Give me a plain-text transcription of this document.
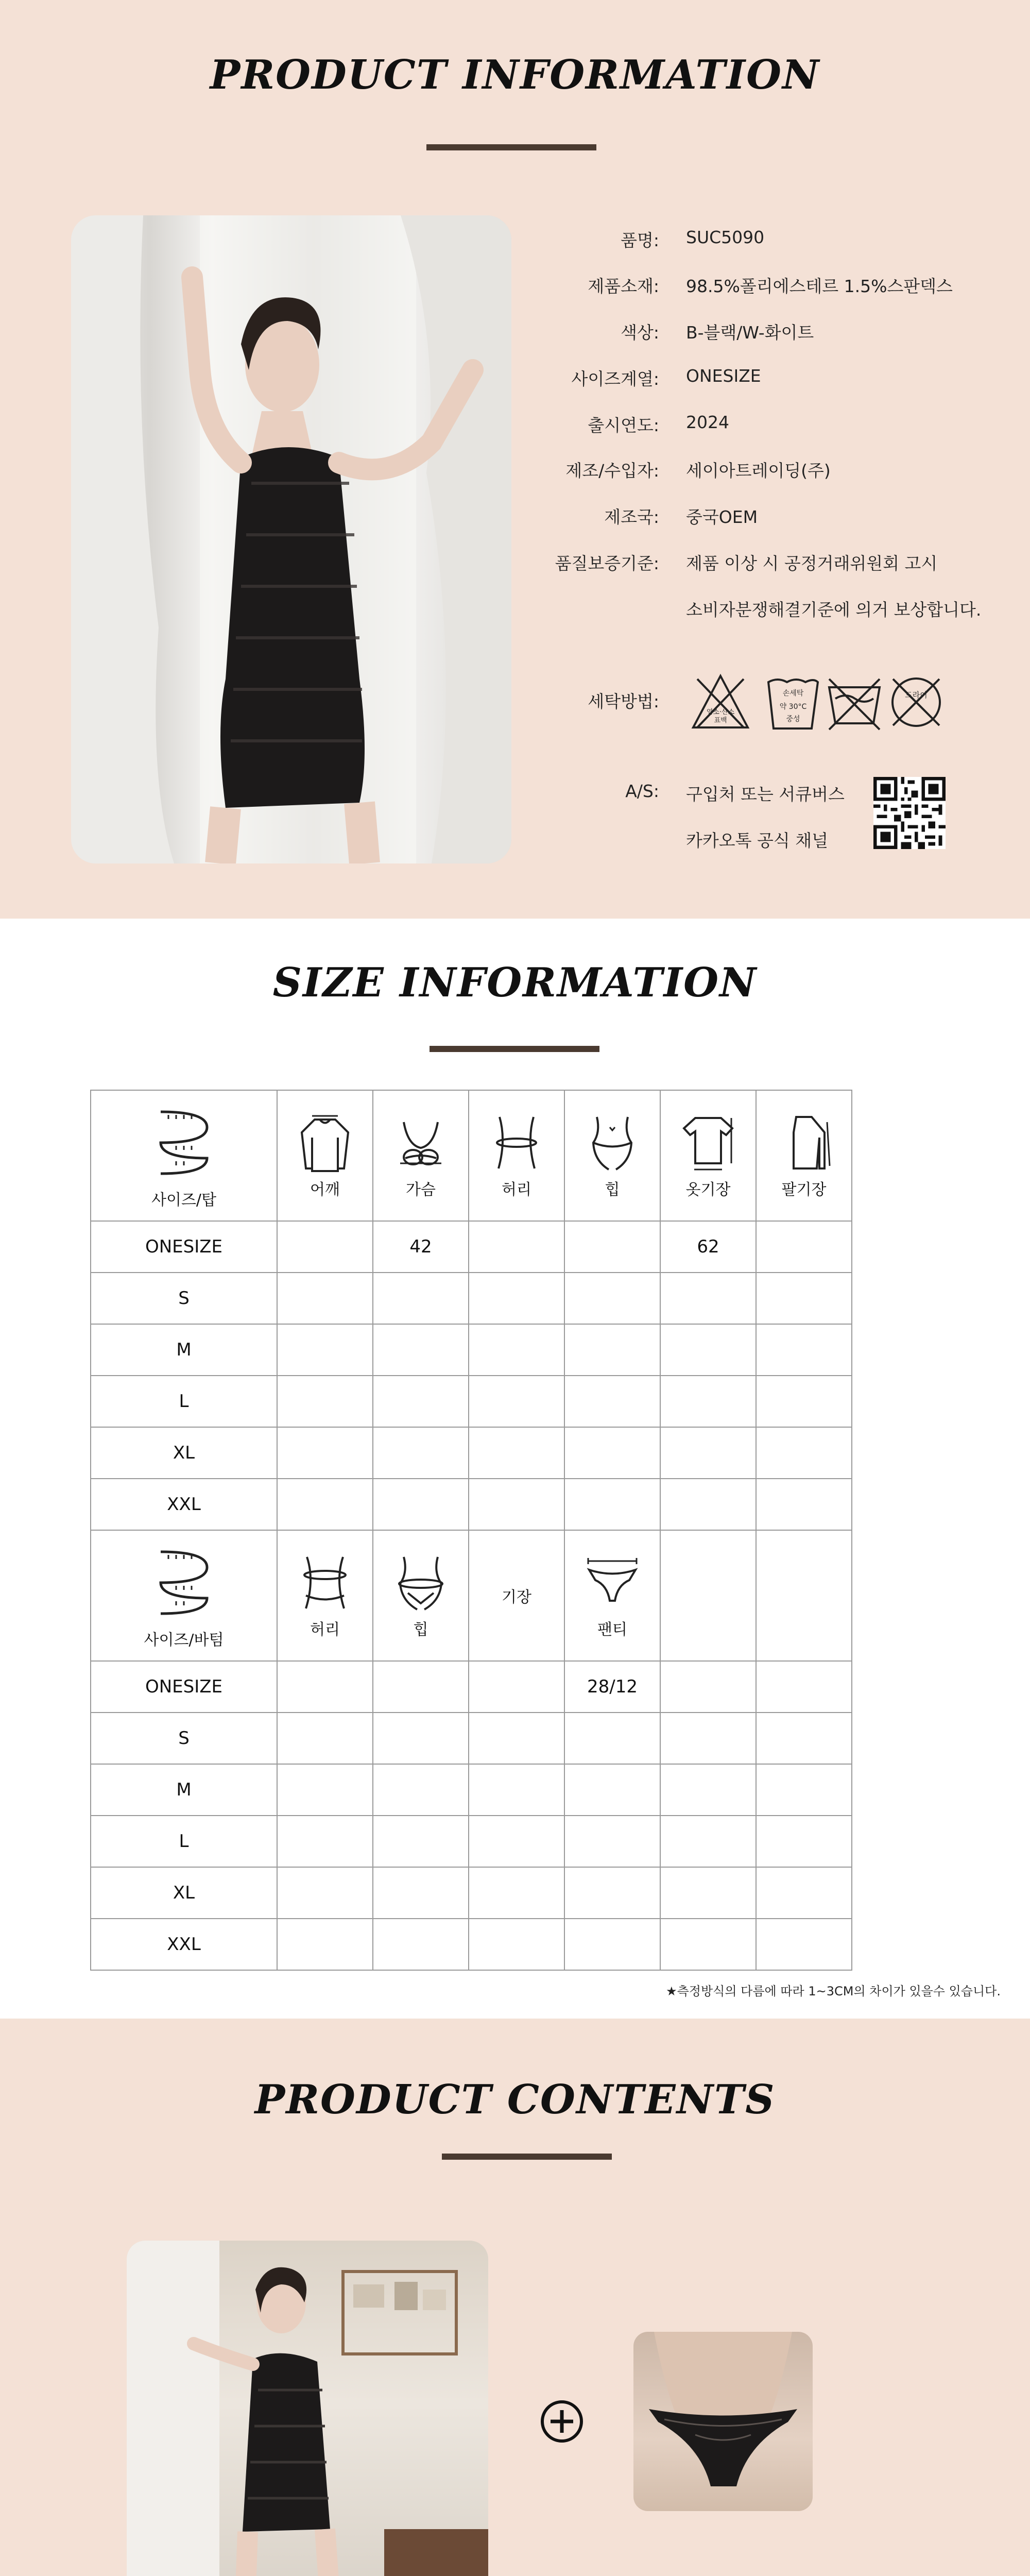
PRODUCT INFORMATION
품명: SUC5090
제품소재: 98.5%폴리에스테르 1.5%스판덱스
색상: B-블랙/W-화이트
사이즈계열: ONESIZE
출시연도: 2024
제조/수입자: 세이아트레이딩(주)
제조국: 중국OEM
품질보증기준: 제품 이상 시 공정거래위원회 고시
소비자분쟁해결기준에 의거 보상합니다.
세탁방법:
염소·산소
표백
손세탁
약 30°C
중성
드라이
A/S: 구입처 또는 서큐버스
카카오톡 공식 채널
SIZE INFORMATION
사이즈/탑	어깨	가슴	허리	힙	옷기장	팔기장

ONESIZE		42			62	
S						
M						
L						
XL						
XXL						

사이즈/바텀	허리	힙	기장	팬티		

ONESIZE				28/12		
S						
M						
L						
XL						
XXL						
★측정방식의 다름에 따라 1~3CM의 차이가 있을수 있습니다.
PRODUCT CONTENTS
